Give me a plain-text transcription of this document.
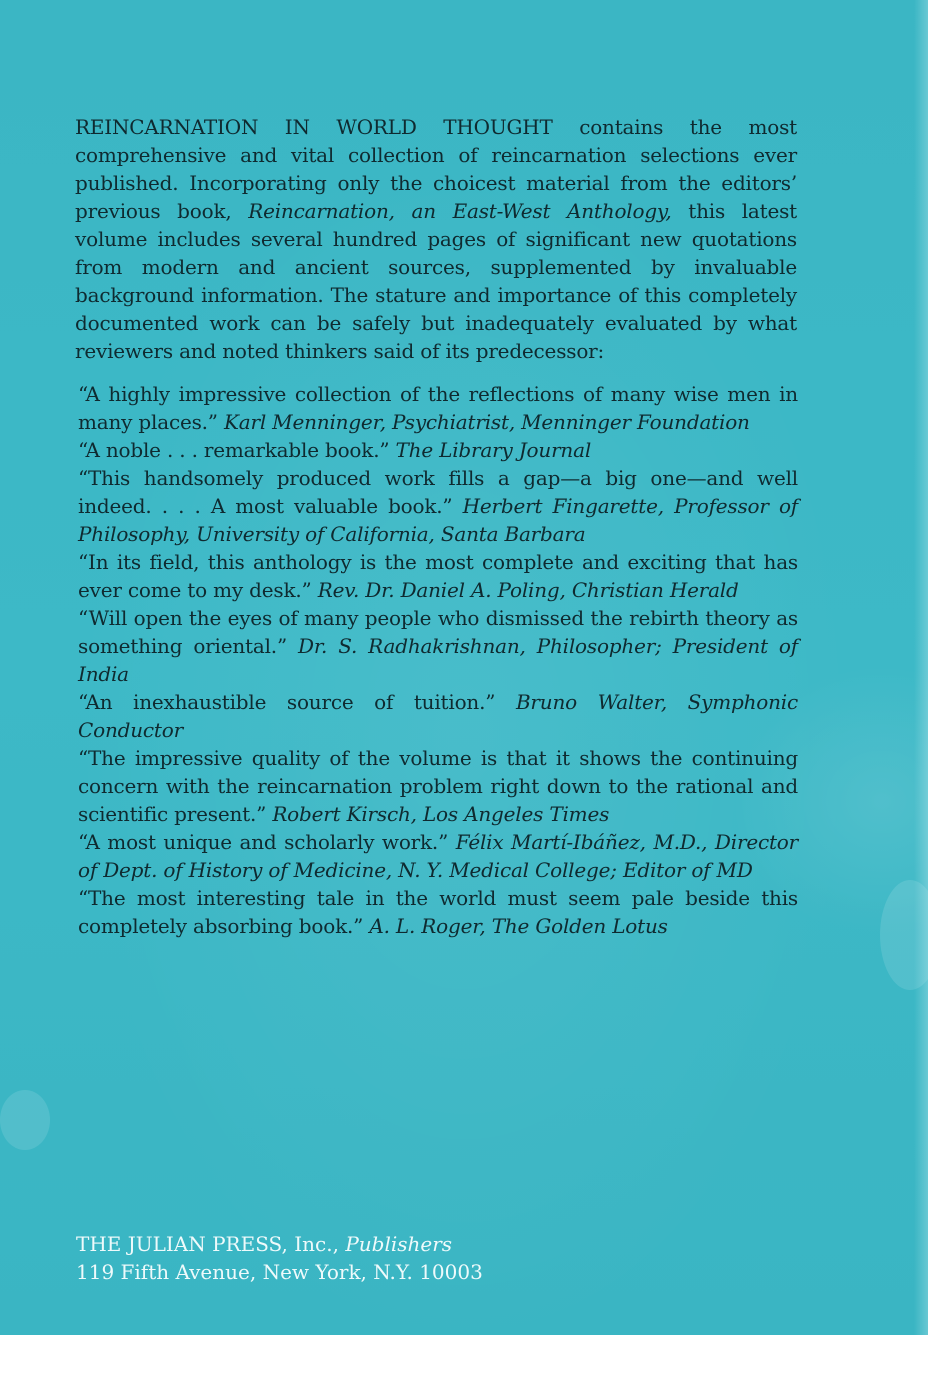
REINCARNATION IN WORLD THOUGHT contains the most comprehensive and vital collection of reincarnation selections ever published. Incorporating only the choicest material from the editors’ previous book, Reincarnation, an East-West Anthology, this latest volume includes several hundred pages of significant new quotations from modern and ancient sources, supplemented by invaluable background information. The stature and importance of this completely documented work can be safely but inadequately evaluated by what reviewers and noted thinkers said of its predecessor:

“A highly impressive collection of the reflections of many wise men in many places.” Karl Menninger, Psychiatrist, Menninger Foundation

“A noble . . . remarkable book.” The Library Journal

“This handsomely produced work fills a gap—a big one—and well indeed. . . . A most valuable book.” Herbert Fingarette, Professor of Philosophy, University of California, Santa Barbara

“In its field, this anthology is the most complete and exciting that has ever come to my desk.” Rev. Dr. Daniel A. Poling, Christian Herald

“Will open the eyes of many people who dismissed the rebirth theory as something oriental.” Dr. S. Radhakrishnan, Philosopher; President of India

“An inexhaustible source of tuition.” Bruno Walter, Symphonic Conductor

“The impressive quality of the volume is that it shows the continuing concern with the reincarnation problem right down to the rational and scientific present.” Robert Kirsch, Los Angeles Times

“A most unique and scholarly work.” Félix Martí-Ibáñez, M.D., Director of Dept. of History of Medicine, N. Y. Medical College; Editor of MD

“The most interesting tale in the world must seem pale beside this completely absorbing book.” A. L. Roger, The Golden Lotus

THE JULIAN PRESS, Inc., Publishers
119 Fifth Avenue, New York, N.Y. 10003
